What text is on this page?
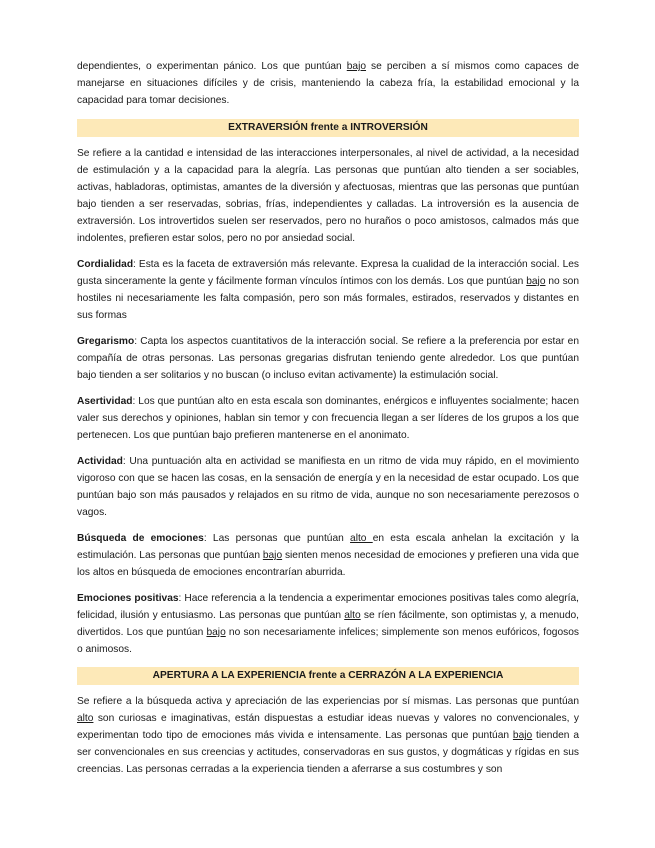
dependientes, o experimentan pánico. Los que puntúan bajo se perciben a sí mismos como capaces de manejarse en situaciones difíciles y de crisis, manteniendo la cabeza fría, la estabilidad emocional y la capacidad para tomar decisiones.

EXTRAVERSIÓN frente a INTROVERSIÓN

Se refiere a la cantidad e intensidad de las interacciones interpersonales, al nivel de actividad, a la necesidad de estimulación y a la capacidad para la alegría. Las personas que puntúan alto tienden a ser sociables, activas, habladoras, optimistas, amantes de la diversión y afectuosas, mientras que las personas que puntúan bajo tienden a ser reservadas, sobrias, frías, independientes y calladas. La introversión es la ausencia de extraversión. Los introvertidos suelen ser reservados, pero no huraños o poco amistosos, calmados más que indolentes, prefieren estar solos, pero no por ansiedad social.

Cordialidad: Esta es la faceta de extraversión más relevante. Expresa la cualidad de la interacción social. Les gusta sinceramente la gente y fácilmente forman vínculos íntimos con los demás. Los que puntúan bajo no son hostiles ni necesariamente les falta compasión, pero son más formales, estirados, reservados y distantes en sus formas

Gregarismo: Capta los aspectos cuantitativos de la interacción social. Se refiere a la preferencia por estar en compañía de otras personas. Las personas gregarias disfrutan teniendo gente alrededor. Los que puntúan bajo tienden a ser solitarios y no buscan (o incluso evitan activamente) la estimulación social.

Asertividad: Los que puntúan alto en esta escala son dominantes, enérgicos e influyentes socialmente; hacen valer sus derechos y opiniones, hablan sin temor y con frecuencia llegan a ser líderes de los grupos a los que pertenecen. Los que puntúan bajo prefieren mantenerse en el anonimato.

Actividad: Una puntuación alta en actividad se manifiesta en un ritmo de vida muy rápido, en el movimiento vigoroso con que se hacen las cosas, en la sensación de energía y en la necesidad de estar ocupado. Los que puntúan bajo son más pausados y relajados en su ritmo de vida, aunque no son necesariamente perezosos o vagos.

Búsqueda de emociones: Las personas que puntúan alto en esta escala anhelan la excitación y la estimulación. Las personas que puntúan bajo sienten menos necesidad de emociones y prefieren una vida que los altos en búsqueda de emociones encontrarían aburrida.

Emociones positivas: Hace referencia a la tendencia a experimentar emociones positivas tales como alegría, felicidad, ilusión y entusiasmo. Las personas que puntúan alto se ríen fácilmente, son optimistas y, a menudo, divertidos. Los que puntúan bajo no son necesariamente infelices; simplemente son menos eufóricos, fogosos o animosos.

APERTURA A LA EXPERIENCIA frente a CERRAZÓN A LA EXPERIENCIA

Se refiere a la búsqueda activa y apreciación de las experiencias por sí mismas. Las personas que puntúan alto son curiosas e imaginativas, están dispuestas a estudiar ideas nuevas y valores no convencionales, y experimentan todo tipo de emociones más vivida e intensamente. Las personas que puntúan bajo tienden a ser convencionales en sus creencias y actitudes, conservadoras en sus gustos, y dogmáticas y rígidas en sus creencias. Las personas cerradas a la experiencia tienden a aferrarse a sus costumbres y son
